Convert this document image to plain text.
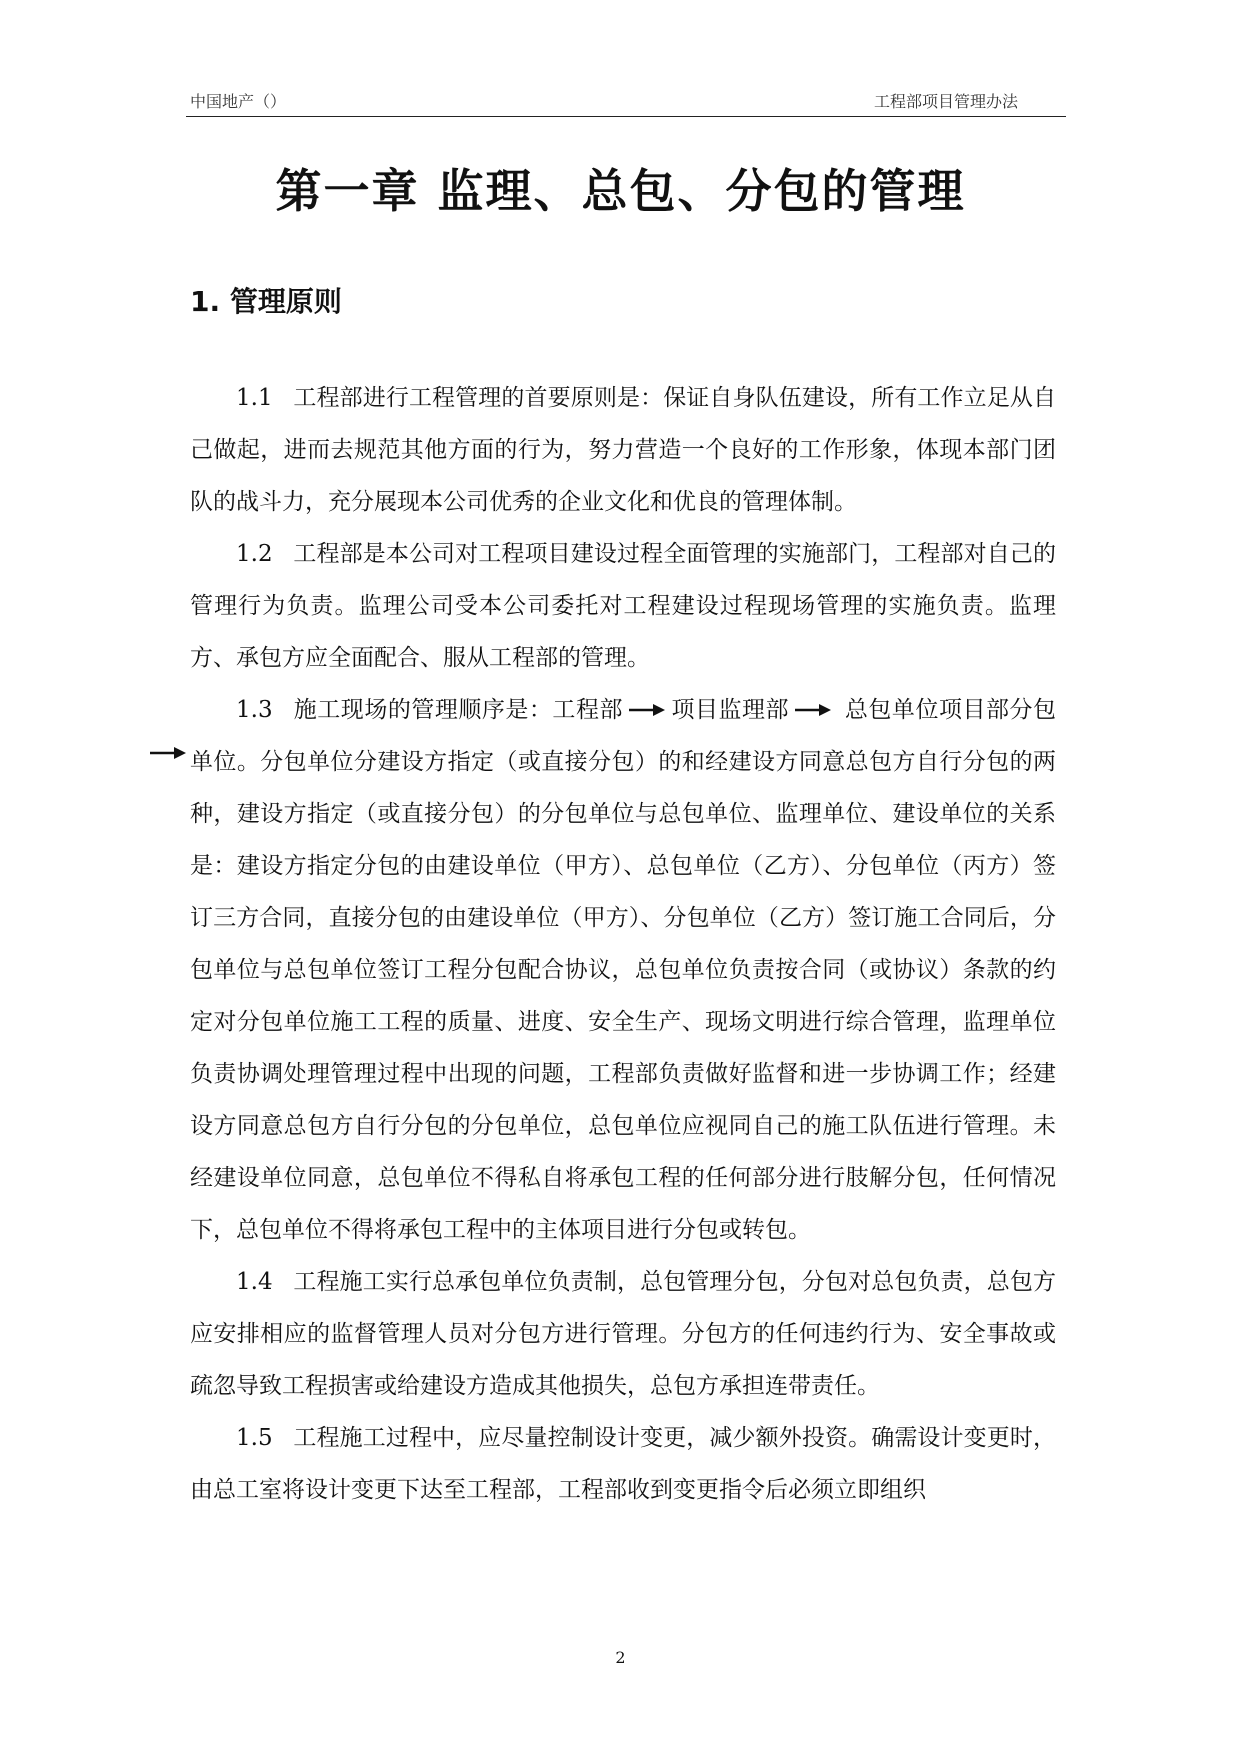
中国地产（）	工程部项目管理办法
第一章 监理、总包、分包的管理
1. 管理原则

1.1 工程部进行工程管理的首要原则是：保证自身队伍建设，所有工作立足从自己做起，进而去规范其他方面的行为，努力营造一个良好的工作形象，体现本部门团队的战斗力，充分展现本公司优秀的企业文化和优良的管理体制。

1.2 工程部是本公司对工程项目建设过程全面管理的实施部门，工程部对自己的管理行为负责。监理公司受本公司委托对工程建设过程现场管理的实施负责。监理方、承包方应全面配合、服从工程部的管理。

1.3 施工现场的管理顺序是：工程部 项目监理部 总包单位项目部分包单位。分包单位分建设方指定（或直接分包）的和经建设方同意总包方自行分包的两种，建设方指定（或直接分包）的分包单位与总包单位、监理单位、建设单位的关系是：建设方指定分包的由建设单位（甲方）、总包单位（乙方）、分包单位（丙方）签订三方合同，直接分包的由建设单位（甲方）、分包单位（乙方）签订施工合同后，分包单位与总包单位签订工程分包配合协议，总包单位负责按合同（或协议）条款的约定对分包单位施工工程的质量、进度、安全生产、现场文明进行综合管理，监理单位负责协调处理管理过程中出现的问题，工程部负责做好监督和进一步协调工作；经建设方同意总包方自行分包的分包单位，总包单位应视同自己的施工队伍进行管理。未经建设单位同意，总包单位不得私自将承包工程的任何部分进行肢解分包，任何情况下，总包单位不得将承包工程中的主体项目进行分包或转包。

1.4 工程施工实行总承包单位负责制，总包管理分包，分包对总包负责，总包方应安排相应的监督管理人员对分包方进行管理。分包方的任何违约行为、安全事故或疏忽导致工程损害或给建设方造成其他损失，总包方承担连带责任。

1.5 工程施工过程中，应尽量控制设计变更，减少额外投资。确需设计变更时，由总工室将设计变更下达至工程部，工程部收到变更指令后必须立即组织

2
